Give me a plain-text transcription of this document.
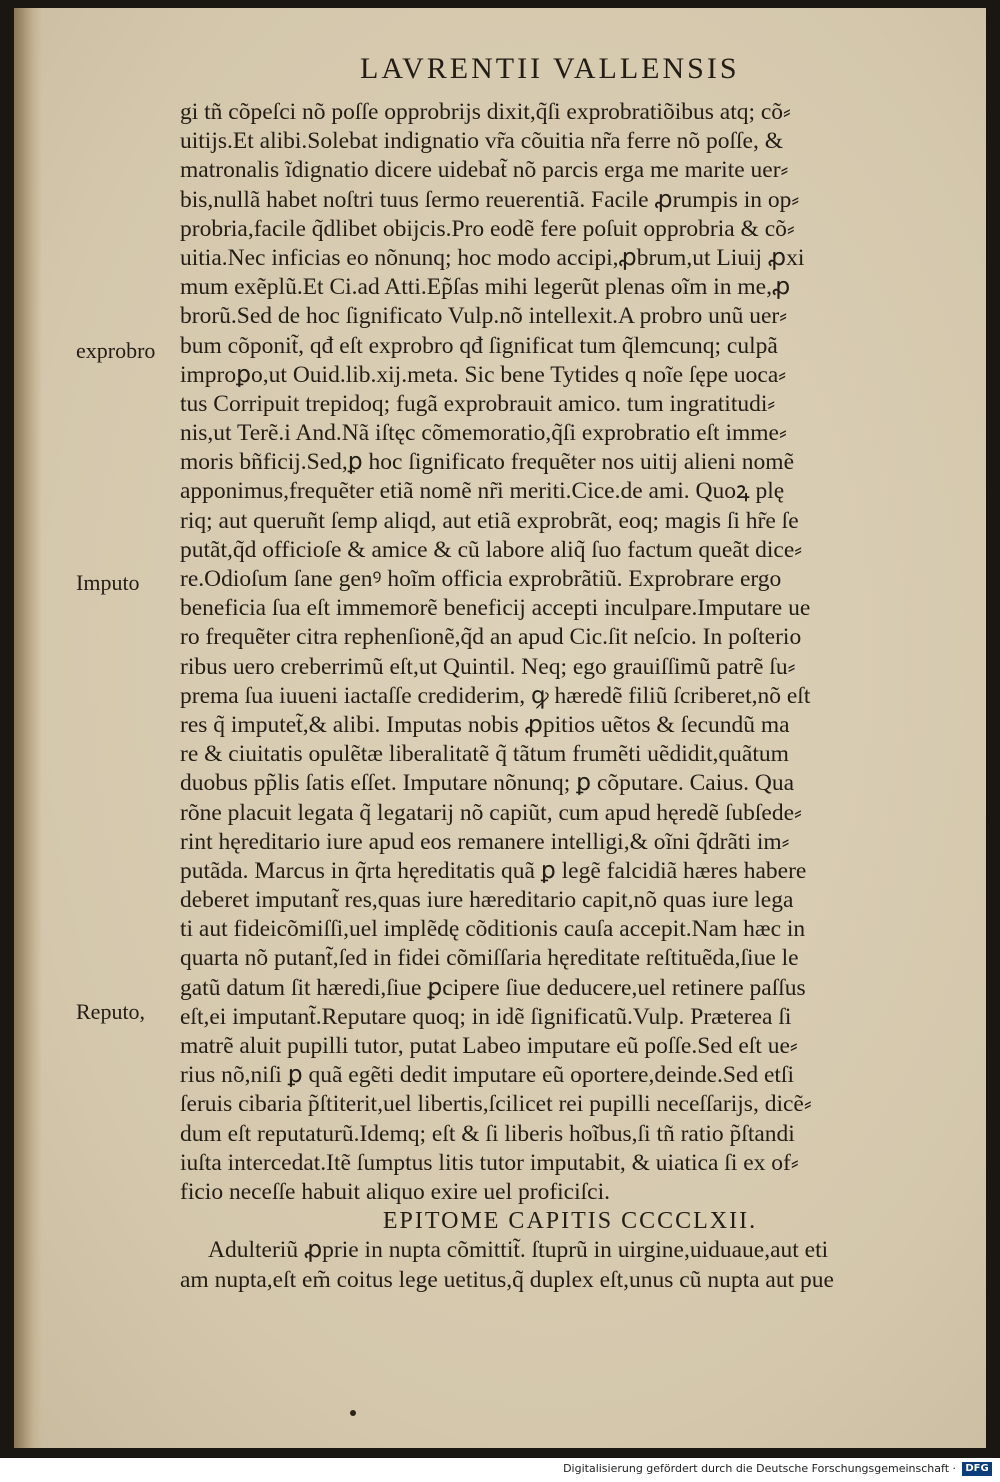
LAVRENTII VALLENSIS
exprobro
Imputo
Reputo,
gi tñ cõpeſci nõ poſſe opprobrijs dixit,q̃ſi exprobratiõibus atq; cõ⸗
uitijs.Et alibi.Solebat indignatio vr̃a cõuitia nr̃a ferre nõ poſſe, &
matronalis ĩdignatio dicere uidebat̃ nõ parcis erga me marite uer⸗
bis,nullã habet noſtri tuus ſermo reuerentiã. Facile ꝓrumpis in op⸗
probria,facile q̃dlibet obijcis.Pro eodẽ fere poſuit opprobria & cõ⸗
uitia.Nec inficias eo nõnunq; hoc modo accipi,ꝓbrum,ut Liuij ꝓxi
mum exẽplũ.Et Ci.ad Atti.Ep̃ſas mihi legerũt plenas oĩm in me,ꝓ
brorũ.Sed de hoc ſignificato Vulp.nõ intellexit.A probro unũ uer⸗
bum cõponit̃, qđ eſt exprobro qđ ſignificat tum q̃lemcunq; culpã
improꝑo,ut Ouid.lib.xij.meta. Sic bene Tytides q noĩe ſępe uoca⸗
tus Corripuit trepidoq; fugã exprobrauit amico. tum ingratitudi⸗
nis,ut Terẽ.i And.Nã iſtęc cõmemoratio,q̃ſi exprobratio eſt imme⸗
moris bñficij.Sed,ꝑ hoc ſignificato frequẽter nos uitij alieni nomẽ
apponimus,frequẽter etiã nomẽ nr̃i meriti.Cice.de ami. Quoꝝ plę
riq; aut queruñt ſemp aliqd, aut etiã exprobrãt, eoq; magis ſi hr̃e ſe
putãt,q̃d officioſe & amice & cũ labore aliq̃ ſuo factum queãt dice⸗
re.Odioſum ſane genꝰ hoĩm officia exprobrãtiũ. Exprobrare ergo
beneficia ſua eſt immemorẽ beneficij accepti inculpare.Imputare ue
ro frequẽter citra rephenſionẽ,q̃d an apud Cic.ſit neſcio. In poſterio
ribus uero creberrimũ eſt,ut Quintil. Neq; ego grauiſſimũ patrẽ ſu⸗
prema ſua iuueni iactaſſe crediderim, ꝙ hæredẽ filiũ ſcriberet,nõ eſt
res q̃ imputet̃,& alibi. Imputas nobis ꝓpitios uẽtos & ſecundũ ma
re & ciuitatis opulẽtæ liberalitatẽ q̃ tãtum frumẽti uẽdidit,quãtum
duobus pp̃lis ſatis eſſet. Imputare nõnunq; ꝑ cõputare. Caius. Qua
rõne placuit legata q̃ legatarij nõ capiũt, cum apud hęredẽ ſubſede⸗
rint hęreditario iure apud eos remanere intelligi,& oĩni q̃drãti im⸗
putãda. Marcus in q̃rta hęreditatis quã ꝑ legẽ falcidiã hæres habere
deberet imputant̃ res,quas iure hæreditario capit,nõ quas iure lega
ti aut fideicõmiſſi,uel implẽdę cõditionis cauſa accepit.Nam hæc in
quarta nõ putant̃,ſed in fidei cõmiſſaria hęreditate reſtituẽda,ſiue le
gatũ datum ſit hæredi,ſiue ꝑcipere ſiue deducere,uel retinere paſſus
eſt,ei imputant̃.Reputare quoq; in idẽ ſignificatũ.Vulp. Præterea ſi
matrẽ aluit pupilli tutor, putat Labeo imputare eũ poſſe.Sed eſt ue⸗
rius nõ,niſi ꝑ quã egẽti dedit imputare eũ oportere,deinde.Sed etſi
ſeruis cibaria p̃ſtiterit,uel libertis,ſcilicet rei pupilli neceſſarijs, dicẽ⸗
dum eſt reputaturũ.Idemq; eſt & ſi liberis hoĩbus,ſi tñ ratio p̃ſtandi
iuſta intercedat.Itẽ ſumptus litis tutor imputabit, & uiatica ſi ex of⸗
ficio neceſſe habuit aliquo exire uel proficiſci.
EPITOME CAPITIS CCCCLXII.
Adulteriũ ꝓprie in nupta cõmittit̃. ſtuprũ in uirgine,uiduaue,aut eti
am nupta,eſt em̃ coitus lege uetitus,q̃ duplex eſt,unus cũ nupta aut pue
Digitalisierung gefördert durch die Deutsche Forschungsgemeinschaft · DFG
